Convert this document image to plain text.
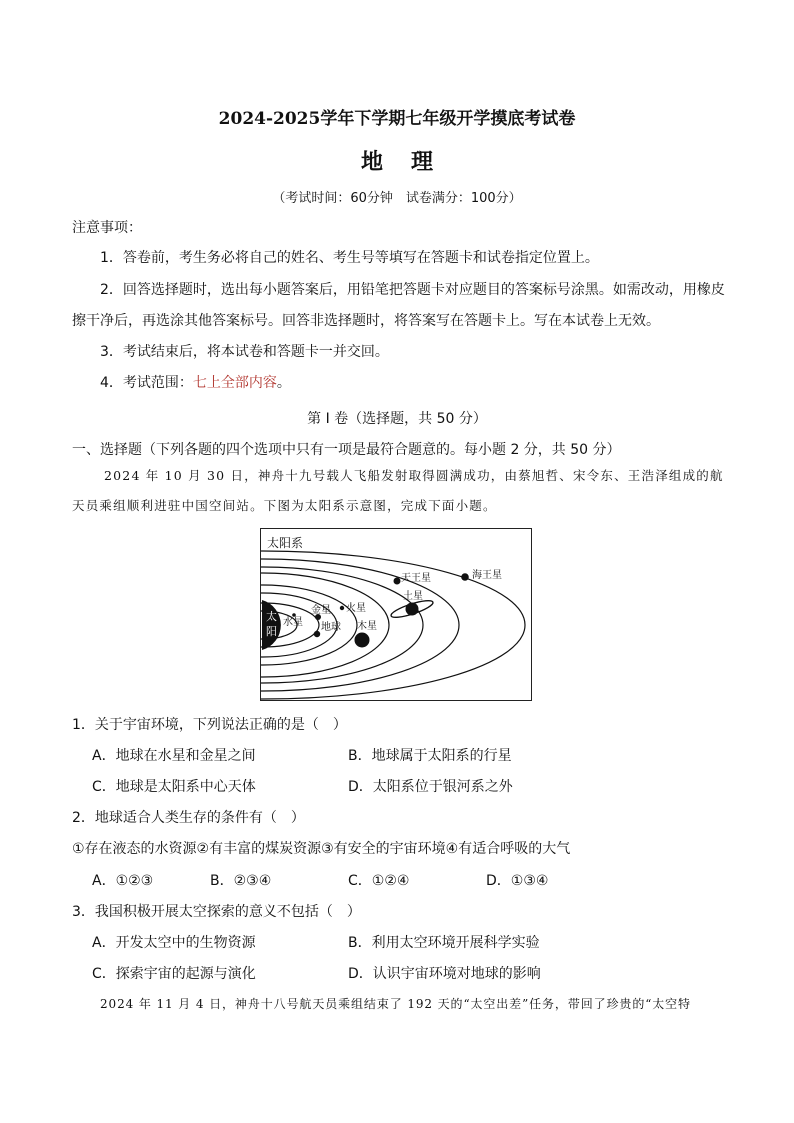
2024-2025学年下学期七年级开学摸底考试卷
地理
（考试时间：60分钟　试卷满分：100分）
注意事项：
1．答卷前，考生务必将自己的姓名、考生号等填写在答题卡和试卷指定位置上。
2．回答选择题时，选出每小题答案后，用铅笔把答题卡对应题目的答案标号涂黑。如需改动，用橡皮
擦干净后，再选涂其他答案标号。回答非选择题时，将答案写在答题卡上。写在本试卷上无效。
3．考试结束后，将本试卷和答题卡一并交回。
4．考试范围：七上全部内容。
第 I 卷（选择题，共 50 分）
一、选择题（下列各题的四个选项中只有一项是最符合题意的。每小题 2 分，共 50 分）
2024 年 10 月 30 日，神舟十九号载人飞船发射取得圆满成功，由蔡旭哲、宋令东、王浩泽组成的航
天员乘组顺利进驻中国空间站。下图为太阳系示意图，完成下面小题。
太阳系
太
阳
水星
金星
地球
火星
木星
土星
天王星	海王星
1．关于宇宙环境，下列说法正确的是（　）
A．地球在水星和金星之间	B．地球属于太阳系的行星
C．地球是太阳系中心天体	D．太阳系位于银河系之外
2．地球适合人类生存的条件有（　）
①存在液态的水资源②有丰富的煤炭资源③有安全的宇宙环境④有适合呼吸的大气
A．①②③	B．②③④	C．①②④	D．①③④
3．我国积极开展太空探索的意义不包括（　）
A．开发太空中的生物资源	B．利用太空环境开展科学实验
C．探索宇宙的起源与演化	D．认识宇宙环境对地球的影响
2024 年 11 月 4 日，神舟十八号航天员乘组结束了 192 天的“太空出差”任务，带回了珍贵的“太空特
